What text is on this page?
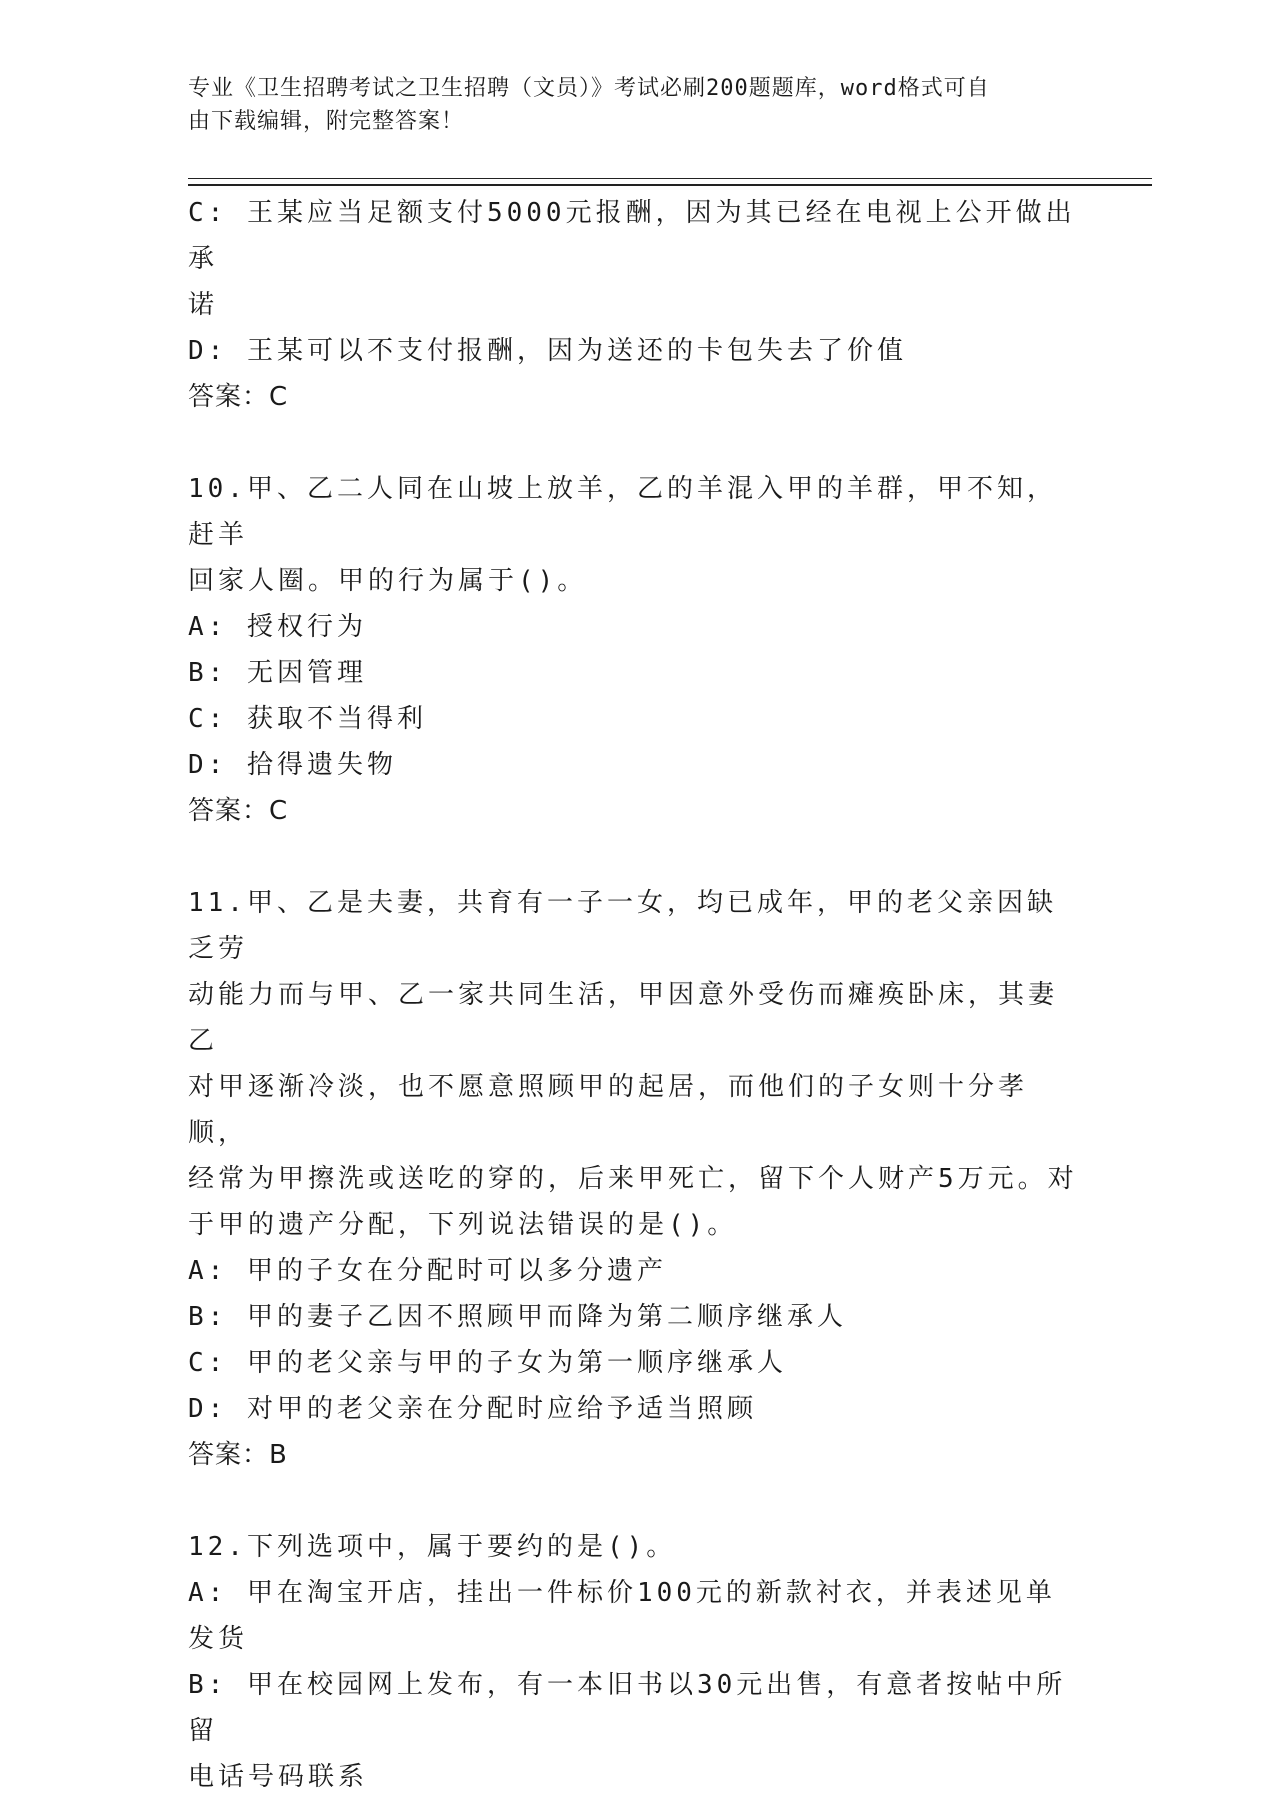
专业《卫生招聘考试之卫生招聘（文员）》考试必刷200题题库，word格式可自
由下载编辑，附完整答案！
C: 王某应当足额支付5000元报酬，因为其已经在电视上公开做出承
诺
D: 王某可以不支付报酬，因为送还的卡包失去了价值
答案：C
10.甲、乙二人同在山坡上放羊，乙的羊混入甲的羊群，甲不知，赶羊
回家人圈。甲的行为属于()。
A: 授权行为
B: 无因管理
C: 获取不当得利
D: 拾得遗失物
答案：C
11.甲、乙是夫妻，共育有一子一女，均已成年，甲的老父亲因缺乏劳
动能力而与甲、乙一家共同生活，甲因意外受伤而瘫痪卧床，其妻乙
对甲逐渐冷淡，也不愿意照顾甲的起居，而他们的子女则十分孝顺，
经常为甲擦洗或送吃的穿的，后来甲死亡，留下个人财产5万元。对
于甲的遗产分配，下列说法错误的是()。
A: 甲的子女在分配时可以多分遗产
B: 甲的妻子乙因不照顾甲而降为第二顺序继承人
C: 甲的老父亲与甲的子女为第一顺序继承人
D: 对甲的老父亲在分配时应给予适当照顾
答案：B
12.下列选项中，属于要约的是()。
A: 甲在淘宝开店，挂出一件标价100元的新款衬衣，并表述见单发货
B: 甲在校园网上发布，有一本旧书以30元出售，有意者按帖中所留
电话号码联系
